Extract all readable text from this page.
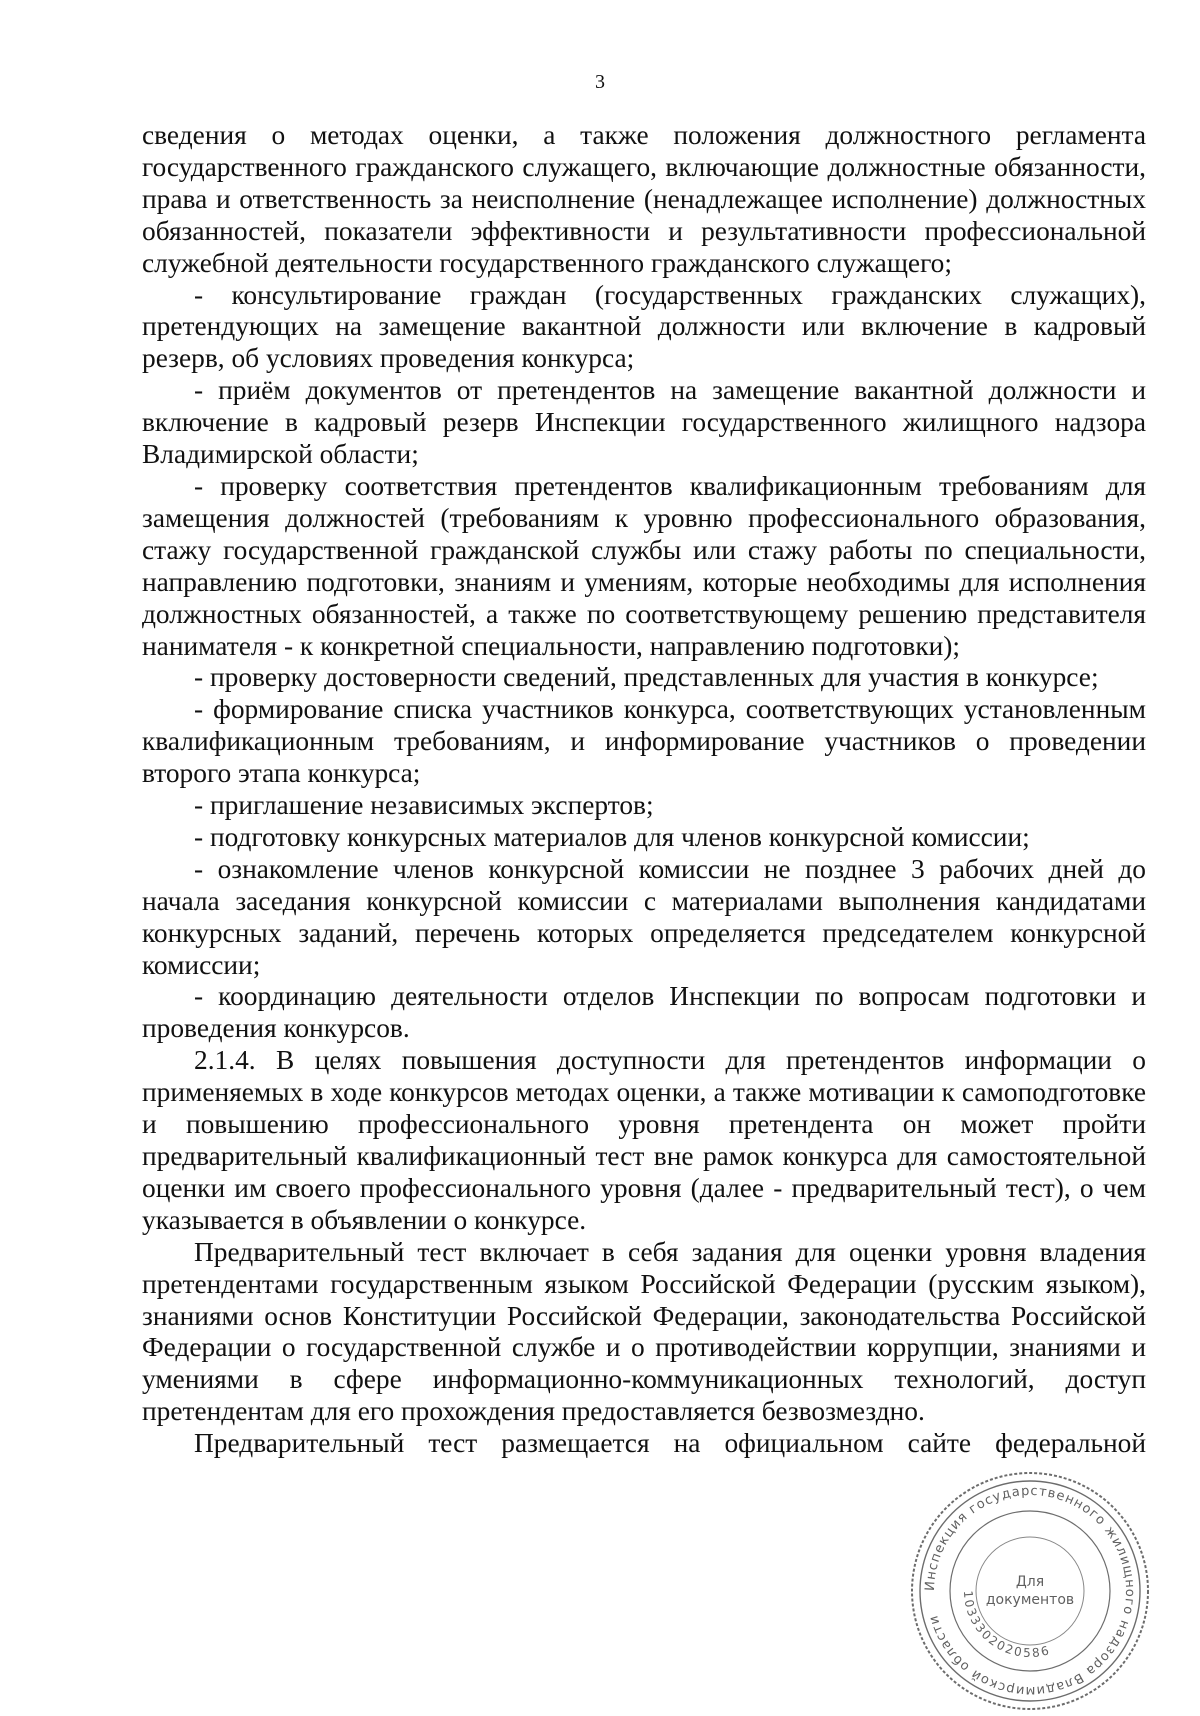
3

сведения о методах оценки, а также положения должностного регламента государственного гражданского служащего, включающие должностные обязанности, права и ответственность за неисполнение (ненадлежащее исполнение) должностных обязанностей, показатели эффективности и результативности профессиональной служебной деятельности государственного гражданского служащего;

- консультирование граждан (государственных гражданских служащих), претендующих на замещение вакантной должности или включение в кадровый резерв, об условиях проведения конкурса;

- приём документов от претендентов на замещение вакантной должности и включение в кадровый резерв Инспекции государственного жилищного надзора Владимирской области;

- проверку соответствия претендентов квалификационным требованиям для замещения должностей (требованиям к уровню профессионального образования, стажу государственной гражданской службы или стажу работы по специальности, направлению подготовки, знаниям и умениям, которые необходимы для исполнения должностных обязанностей, а также по соответствующему решению представителя нанимателя - к конкретной специальности, направлению подготовки);

- проверку достоверности сведений, представленных для участия в конкурсе;

- формирование списка участников конкурса, соответствующих установленным квалификационным требованиям, и информирование участников о проведении второго этапа конкурса;

- приглашение независимых экспертов;

- подготовку конкурсных материалов для членов конкурсной комиссии;

- ознакомление членов конкурсной комиссии не позднее 3 рабочих дней до начала заседания конкурсной комиссии с материалами выполнения кандидатами конкурсных заданий, перечень которых определяется председателем конкурсной комиссии;

- координацию деятельности отделов Инспекции по вопросам подготовки и проведения конкурсов.

2.1.4. В целях повышения доступности для претендентов информации о применяемых в ходе конкурсов методах оценки, а также мотивации к самоподготовке и повышению профессионального уровня претендента он может пройти предварительный квалификационный тест вне рамок конкурса для самостоятельной оценки им своего профессионального уровня (далее - предварительный тест), о чем указывается в объявлении о конкурсе.

Предварительный тест включает в себя задания для оценки уровня владения претендентами государственным языком Российской Федерации (русским языком), знаниями основ Конституции Российской Федерации, законодательства Российской Федерации о государственной службе и о противодействии коррупции, знаниями и умениями в сфере информационно-коммуникационных технологий, доступ претендентам для его прохождения предоставляется безвозмездно.

Предварительный тест размещается на официальном сайте федеральной

Инспекция государственного жилищного надзора Владимирской области
1033302020586
Для
документов
